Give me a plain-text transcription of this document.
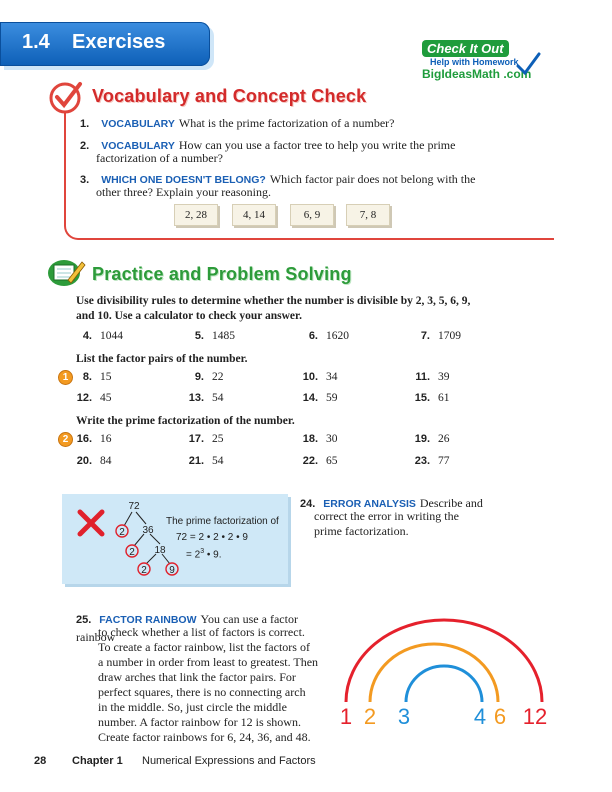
1.4 Exercises	Check It Out
Help with Homework
BigIdeasMath .com
Vocabulary and Concept Check
1. VOCABULARY What is the prime factorization of a number?
2. VOCABULARY How can you use a factor tree to help you write the prime
factorization of a number?
3. WHICH ONE DOESN'T BELONG? Which factor pair does not belong with the
other three? Explain your reasoning.
2, 28	4, 14	6, 9	7, 8
Practice and Problem Solving
Use divisibility rules to determine whether the number is divisible by 2, 3, 5, 6, 9,
and 10. Use a calculator to check your answer.
List the factor pairs of the number.
1
Write the prime factorization of the number.
2
4. 1044	5. 1485	6. 1620	7. 1709
8. 15	9. 22	10. 34	11. 39
12. 45	13. 54	14. 59	15. 61
16. 16	17. 25	18. 30	19. 26
20. 84	21. 54	22. 65	23. 77
72
2 36
2 18
2 9
The prime factorization of
72 = 2 • 2 • 2 • 9
= $2^3$ • 9.
24. ERROR ANALYSIS Describe and
correct the error in writing the
prime factorization.
25. FACTOR RAINBOW You can use a factor rainbow
to check whether a list of factors is correct.
To create a factor rainbow, list the factors of
a number in order from least to greatest. Then
draw arches that link the factor pairs. For
perfect squares, there is no connecting arch
in the middle. So, just circle the middle
number. A factor rainbow for 12 is shown.
Create factor rainbows for 6, 24, 36, and 48.
1 2 3	4 6 12
28 Chapter 1 Numerical Expressions and Factors
